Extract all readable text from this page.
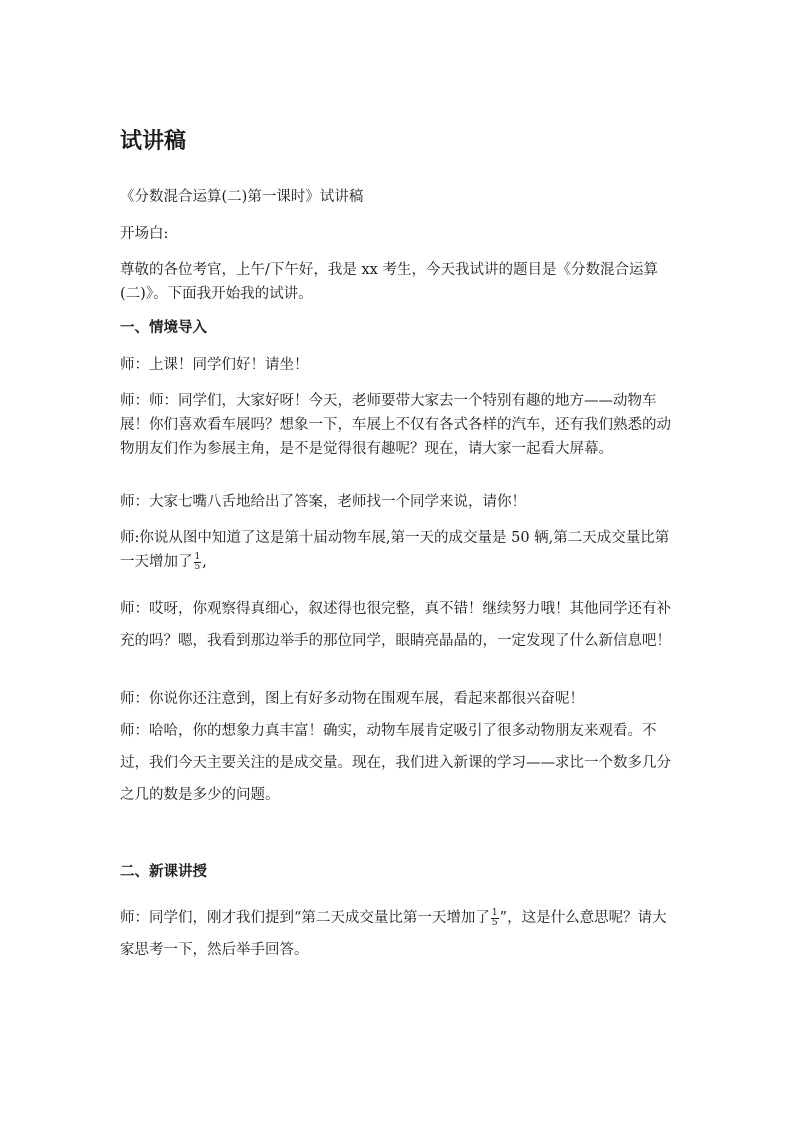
试讲稿

《分数混合运算(二)第一课时》试讲稿

开场白:

尊敬的各位考官，上午/下午好，我是 xx 考生，今天我试讲的题目是《分数混合运算(二)》。下面我开始我的试讲。

一、情境导入

师：上课！同学们好！请坐！

师：师：同学们，大家好呀！今天，老师要带大家去一个特别有趣的地方——动物车展！你们喜欢看车展吗？想象一下，车展上不仅有各式各样的汽车，还有我们熟悉的动物朋友们作为参展主角，是不是觉得很有趣呢？现在，请大家一起看大屏幕。

师：大家七嘴八舌地给出了答案，老师找一个同学来说，请你！

师:你说从图中知道了这是第十届动物车展,第一天的成交量是 50 辆,第二天成交量比第一天增加了 $\frac{1}{5}$ ,

师：哎呀，你观察得真细心，叙述得也很完整，真不错！继续努力哦！其他同学还有补充的吗？嗯，我看到那边举手的那位同学，眼睛亮晶晶的，一定发现了什么新信息吧！

师：你说你还注意到，图上有好多动物在围观车展，看起来都很兴奋呢！

师：哈哈，你的想象力真丰富！确实，动物车展肯定吸引了很多动物朋友来观看。不过，我们今天主要关注的是成交量。现在，我们进入新课的学习——求比一个数多几分之几的数是多少的问题。

二、新课讲授

师：同学们，刚才我们提到“第二天成交量比第一天增加了 $\frac{1}{5}$ ”，这是什么意思呢？请大家思考一下，然后举手回答。
